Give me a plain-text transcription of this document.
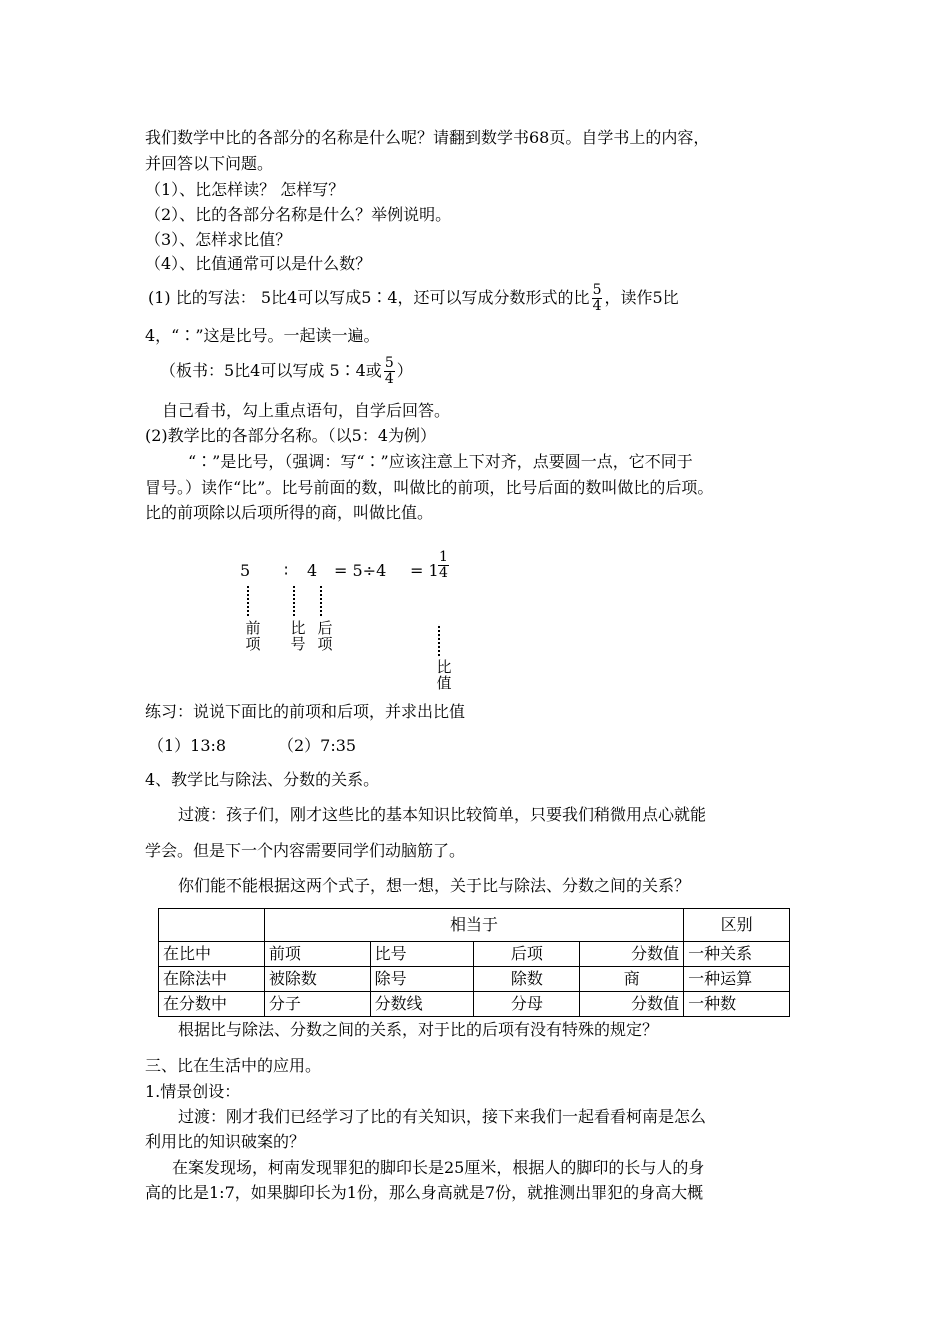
我们数学中比的各部分的名称是什么呢？请翻到数学书68页。自学书上的内容，
并回答以下问题。
（1）、比怎样读？ 怎样写？
（2）、比的各部分名称是什么？举例说明。
（3）、怎样求比值？
（4）、比值通常可以是什么数？
(1) 比的写法： 5比4可以写成5∶4，还可以写成分数形式的比 $\frac{5}{4}$ ，读作5比
4，“∶”这是比号。一起读一遍。
（板书：5比4可以写成 5∶4或 $\frac{5}{4}$ ）
自己看书，勾上重点语句，自学后回答。
(2)教学比的各部分名称。（以5：4为例）
“∶”是比号，（强调：写“∶”应该注意上下对齐，点要圆一点，它不同于
冒号。）读作“比”。比号前面的数，叫做比的前项，比号后面的数叫做比的后项。
比的前项除以后项所得的商，叫做比值。
5 ∶ $4 = 5\div 4 = 1 \frac{1}{4}$
前
项
比
号
后
项
比
值
练习：说说下面比的前项和后项，并求出比值
（1）13:8	（2）7:35
4、教学比与除法、分数的关系。
过渡：孩子们，刚才这些比的基本知识比较简单，只要我们稍微用点心就能
学会。但是下一个内容需要同学们动脑筋了。
你们能不能根据这两个式子，想一想，关于比与除法、分数之间的关系？
	相当于				区别
在比中	前项	比号	后项	分数值	一种关系
在除法中	被除数	除号	除数	商	一种运算
在分数中	分子	分数线	分母	分数值	一种数
根据比与除法、分数之间的关系，对于比的后项有没有特殊的规定？
三、比在生活中的应用。
1.情景创设：
过渡：刚才我们已经学习了比的有关知识，接下来我们一起看看柯南是怎么
利用比的知识破案的？
在案发现场，柯南发现罪犯的脚印长是25厘米，根据人的脚印的长与人的身
高的比是1:7，如果脚印长为1份，那么身高就是7份，就推测出罪犯的身高大概
